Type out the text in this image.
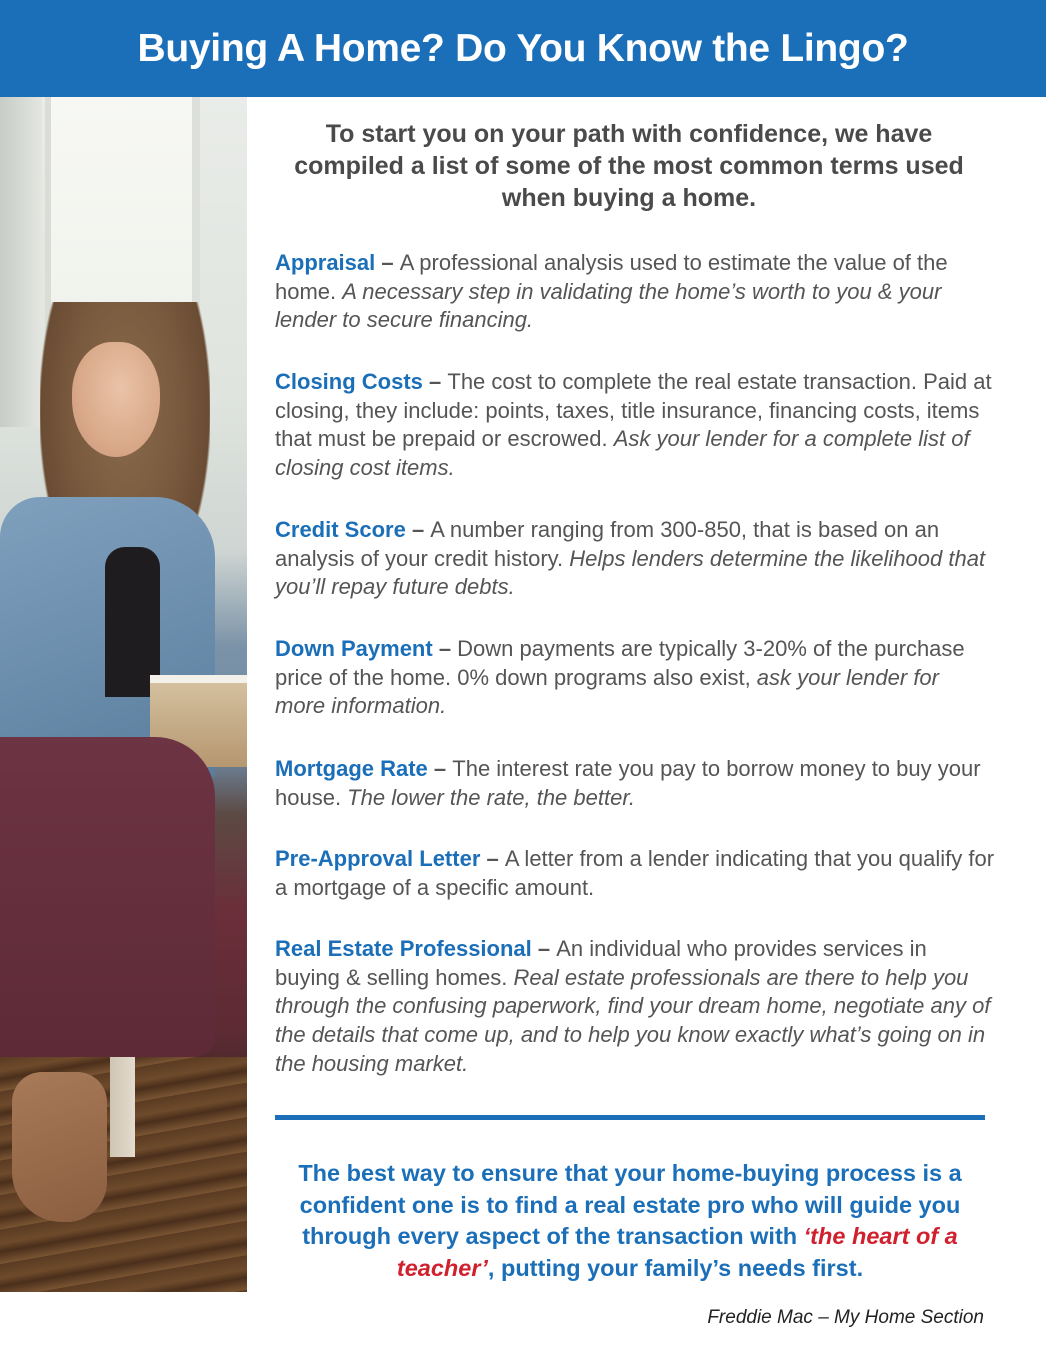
Buying A Home? Do You Know the Lingo?

To start you on your path with confidence, we have compiled a list of some of the most common terms used when buying a home.

Appraisal – A professional analysis used to estimate the value of the home. A necessary step in validating the home’s worth to you & your lender to secure financing.

Closing Costs – The cost to complete the real estate transaction. Paid at closing, they include: points, taxes, title insurance, financing costs, items that must be prepaid or escrowed. Ask your lender for a complete list of closing cost items.

Credit Score – A number ranging from 300-850, that is based on an analysis of your credit history. Helps lenders determine the likelihood that you’ll repay future debts.

Down Payment – Down payments are typically 3-20% of the purchase price of the home. 0% down programs also exist, ask your lender for more information.

Mortgage Rate – The interest rate you pay to borrow money to buy your house. The lower the rate, the better.

Pre-Approval Letter – A letter from a lender indicating that you qualify for a mortgage of a specific amount.

Real Estate Professional – An individual who provides services in buying & selling homes. Real estate professionals are there to help you through the confusing paperwork, find your dream home, negotiate any of the details that come up, and to help you know exactly what’s going on in the housing market.

The best way to ensure that your home-buying process is a confident one is to find a real estate pro who will guide you through every aspect of the transaction with ‘the heart of a teacher’, putting your family’s needs first.

Freddie Mac – My Home Section
